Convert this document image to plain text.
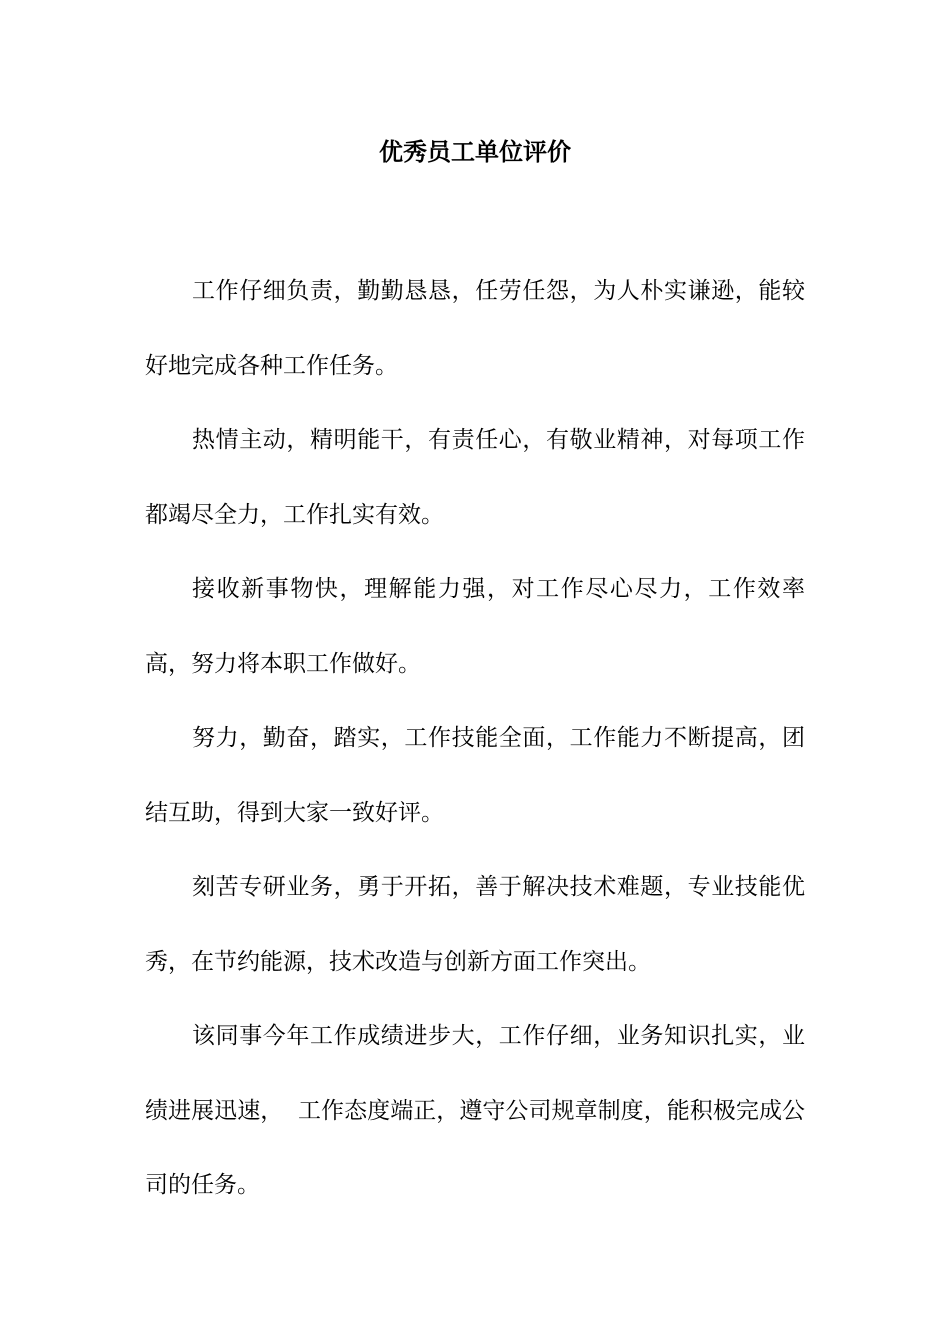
优秀员工单位评价

工作仔细负责，勤勤恳恳，任劳任怨，为人朴实谦逊，能较好地完成各种工作任务。

热情主动，精明能干，有责任心，有敬业精神，对每项工作都竭尽全力，工作扎实有效。

接收新事物快，理解能力强，对工作尽心尽力，工作效率高，努力将本职工作做好。

努力，勤奋，踏实，工作技能全面，工作能力不断提高，团结互助，得到大家一致好评。

刻苦专研业务，勇于开拓，善于解决技术难题，专业技能优秀，在节约能源，技术改造与创新方面工作突出。

该同事今年工作成绩进步大，工作仔细，业务知识扎实，业绩进展迅速，  工作态度端正，遵守公司规章制度，能积极完成公司的任务。
